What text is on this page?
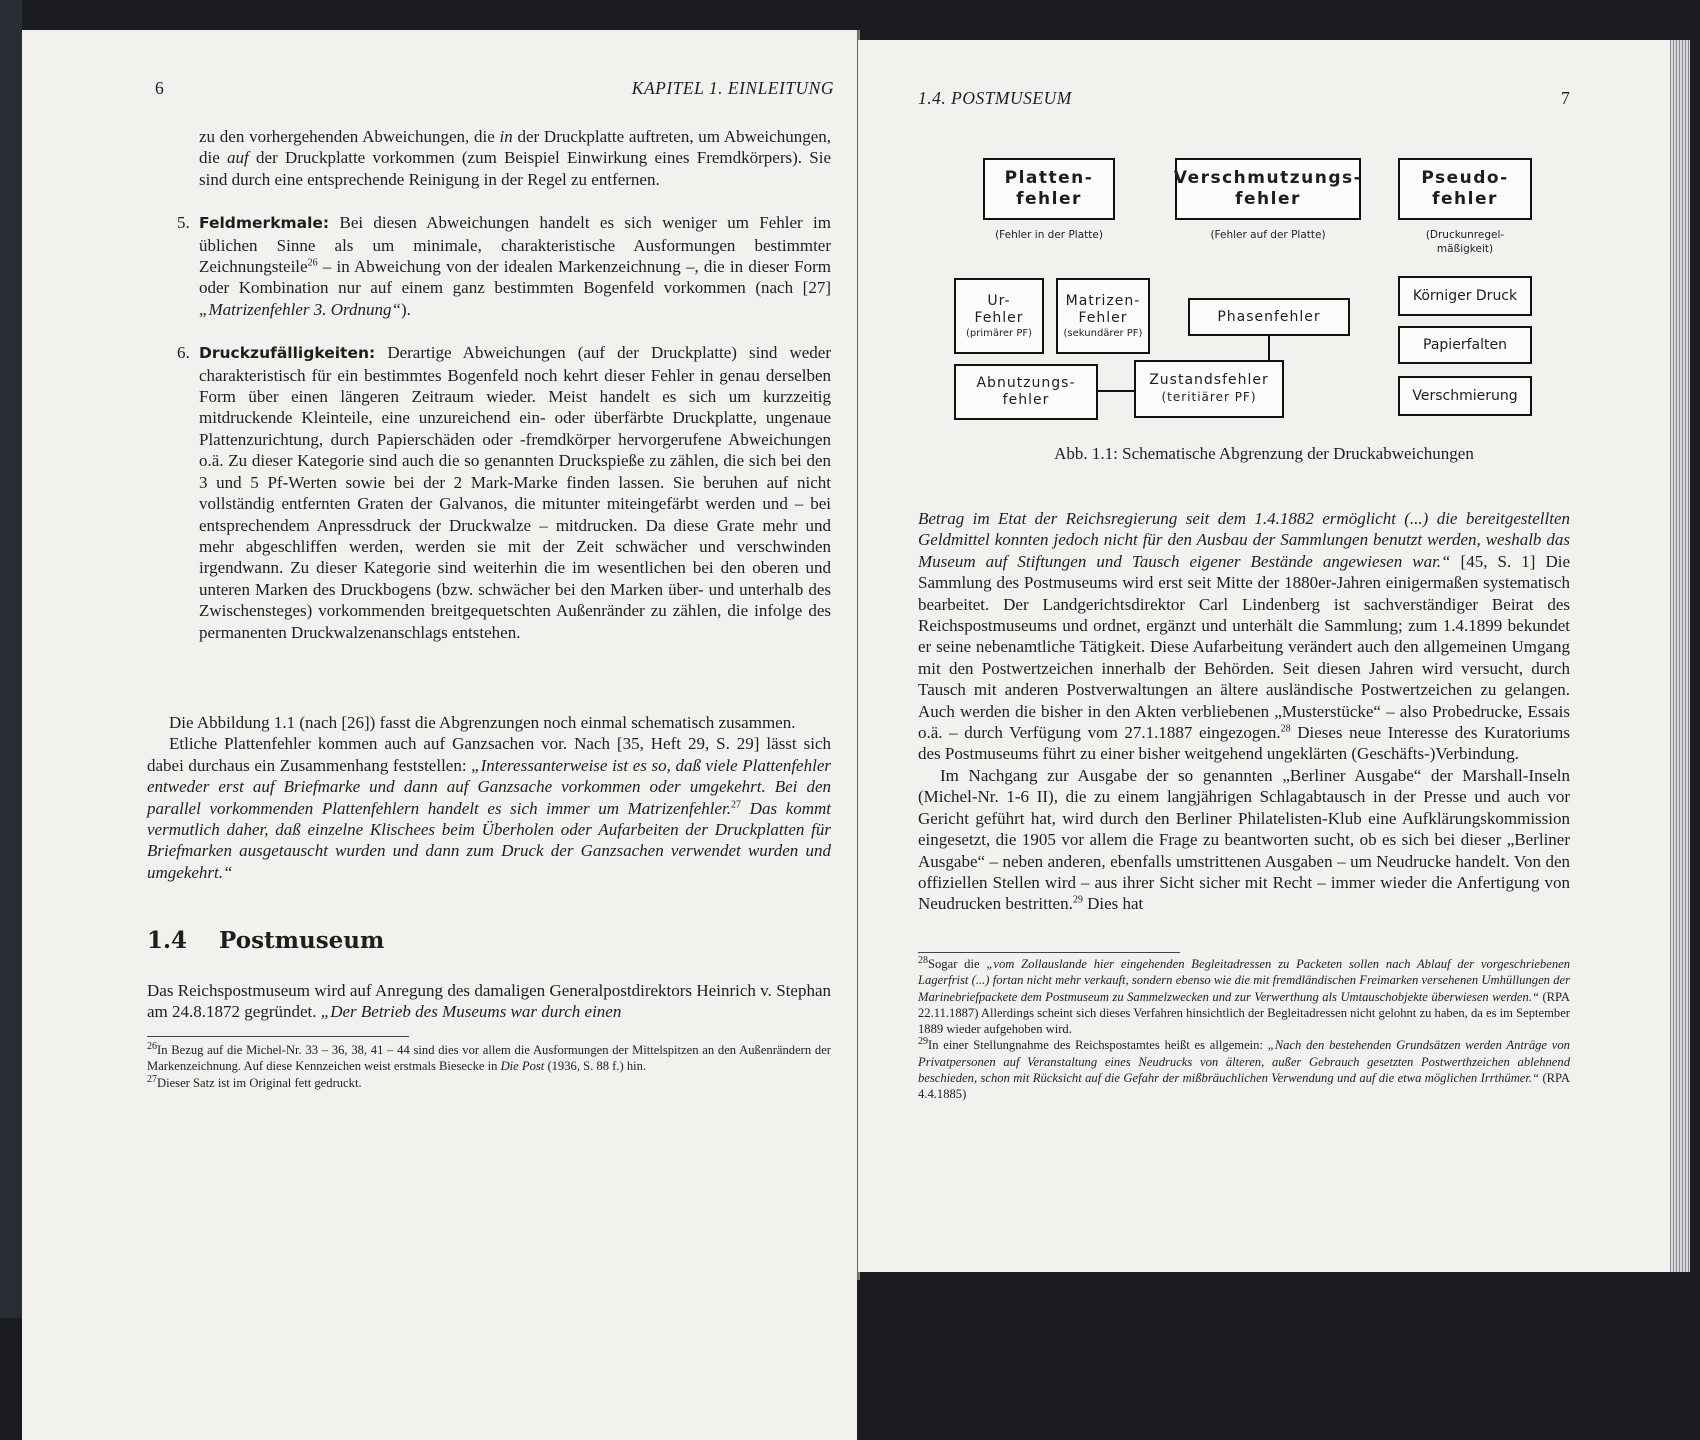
6	KAPITEL 1. EINLEITUNG

zu den vorhergehenden Abweichungen, die in der Druckplatte auftreten, um Abweichungen, die auf der Druckplatte vorkommen (zum Beispiel Einwirkung eines Fremdkörpers). Sie sind durch eine entsprechende Reinigung in der Regel zu entfernen.

5. Feldmerkmale: Bei diesen Abweichungen handelt es sich weniger um Fehler im üblichen Sinne als um minimale, charakteristische Ausformungen bestimmter Zeichnungsteile$^{26}$ – in Abweichung von der idealen Markenzeichnung –, die in dieser Form oder Kombination nur auf einem ganz bestimmten Bogenfeld vorkommen (nach [27] „Matrizenfehler 3. Ordnung“).

6. Druckzufälligkeiten: Derartige Abweichungen (auf der Druckplatte) sind weder charakteristisch für ein bestimmtes Bogenfeld noch kehrt dieser Fehler in genau derselben Form über einen längeren Zeitraum wieder. Meist handelt es sich um kurzzeitig mitdruckende Kleinteile, eine unzureichend ein- oder überfärbte Druckplatte, ungenaue Plattenzurichtung, durch Papierschäden oder -fremdkörper hervorgerufene Abweichungen o.ä. Zu dieser Kategorie sind auch die so genannten Druckspieße zu zählen, die sich bei den 3 und 5 Pf-Werten sowie bei der 2 Mark-Marke finden lassen. Sie beruhen auf nicht vollständig entfernten Graten der Galvanos, die mitunter miteingefärbt werden und – bei entsprechendem Anpressdruck der Druckwalze – mitdrucken. Da diese Grate mehr und mehr abgeschliffen werden, werden sie mit der Zeit schwächer und verschwinden irgendwann. Zu dieser Kategorie sind weiterhin die im wesentlichen bei den oberen und unteren Marken des Druckbogens (bzw. schwächer bei den Marken über- und unterhalb des Zwischensteges) vorkommenden breitgequetschten Außenränder zu zählen, die infolge des permanenten Druckwalzenanschlags entstehen.

Die Abbildung 1.1 (nach [26]) fasst die Abgrenzungen noch einmal schematisch zusammen.

Etliche Plattenfehler kommen auch auf Ganzsachen vor. Nach [35, Heft 29, S. 29] lässt sich dabei durchaus ein Zusammenhang feststellen: „Interessanterweise ist es so, daß viele Plattenfehler entweder erst auf Briefmarke und dann auf Ganzsache vorkommen oder umgekehrt. Bei den parallel vorkommenden Plattenfehlern handelt es sich immer um Matrizenfehler.$^{27}$ Das kommt vermutlich daher, daß einzelne Klischees beim Überholen oder Aufarbeiten der Druckplatten für Briefmarken ausgetauscht wurden und dann zum Druck der Ganzsachen verwendet wurden und umgekehrt.“

1.4 Postmuseum

Das Reichspostmuseum wird auf Anregung des damaligen Generalpostdirektors Heinrich v. Stephan am 24.8.1872 gegründet. „Der Betrieb des Museums war durch einen

$^{26}$In Bezug auf die Michel-Nr. 33 – 36, 38, 41 – 44 sind dies vor allem die Ausformungen der Mittelspitzen an den Außenrändern der Markenzeichnung. Auf diese Kennzeichen weist erstmals Biesecke in Die Post (1936, S. 88 f.) hin.
$^{27}$Dieser Satz ist im Original fett gedruckt.
1.4. POSTMUSEUM	7
Platten-
fehler
(Fehler in der Platte)
Verschmutzungs-
fehler
(Fehler auf der Platte)
Pseudo-
fehler
(Druckunregel-
mäßigkeit)
Ur-
Fehler
(primärer PF)
Matrizen-
Fehler
(sekundärer PF)
Phasenfehler
Abnutzungs-
fehler
Zustandsfehler
(teritiärer PF)
Körniger Druck
Papierfalten
Verschmierung
Abb. 1.1: Schematische Abgrenzung der Druckabweichungen

Betrag im Etat der Reichsregierung seit dem 1.4.1882 ermöglicht (...) die bereitgestellten Geldmittel konnten jedoch nicht für den Ausbau der Sammlungen benutzt werden, weshalb das Museum auf Stiftungen und Tausch eigener Bestände angewiesen war.“ [45, S. 1] Die Sammlung des Postmuseums wird erst seit Mitte der 1880er-Jahren einigermaßen systematisch bearbeitet. Der Landgerichtsdirektor Carl Lindenberg ist sachverständiger Beirat des Reichspostmuseums und ordnet, ergänzt und unterhält die Sammlung; zum 1.4.1899 bekundet er seine nebenamtliche Tätigkeit. Diese Aufarbeitung verändert auch den allgemeinen Umgang mit den Postwertzeichen innerhalb der Behörden. Seit diesen Jahren wird versucht, durch Tausch mit anderen Postverwaltungen an ältere ausländische Postwertzeichen zu gelangen. Auch werden die bisher in den Akten verbliebenen „Musterstücke“ – also Probedrucke, Essais o.ä. – durch Verfügung vom 27.1.1887 eingezogen.$^{28}$ Dieses neue Interesse des Kuratoriums des Postmuseums führt zu einer bisher weitgehend ungeklärten (Geschäfts-)Verbindung.

Im Nachgang zur Ausgabe der so genannten „Berliner Ausgabe“ der Marshall-Inseln (Michel-Nr. 1-6 II), die zu einem langjährigen Schlagabtausch in der Presse und auch vor Gericht geführt hat, wird durch den Berliner Philatelisten-Klub eine Aufklärungskommission eingesetzt, die 1905 vor allem die Frage zu beantworten sucht, ob es sich bei dieser „Berliner Ausgabe“ – neben anderen, ebenfalls umstrittenen Ausgaben – um Neudrucke handelt. Von den offiziellen Stellen wird – aus ihrer Sicht sicher mit Recht – immer wieder die Anfertigung von Neudrucken bestritten.$^{29}$ Dies hat

$^{28}$Sogar die „vom Zollauslande hier eingehenden Begleitadressen zu Packeten sollen nach Ablauf der vorgeschriebenen Lagerfrist (...) fortan nicht mehr verkauft, sondern ebenso wie die mit fremdländischen Freimarken versehenen Umhüllungen der Marinebriefpackete dem Postmuseum zu Sammelzwecken und zur Verwerthung als Umtauschobjekte überwiesen werden.“ (RPA 22.11.1887) Allerdings scheint sich dieses Verfahren hinsichtlich der Begleitadressen nicht gelohnt zu haben, da es im September 1889 wieder aufgehoben wird.
$^{29}$In einer Stellungnahme des Reichspostamtes heißt es allgemein: „Nach den bestehenden Grundsätzen werden Anträge von Privatpersonen auf Veranstaltung eines Neudrucks von älteren, außer Gebrauch gesetzten Postwerthzeichen ablehnend beschieden, schon mit Rücksicht auf die Gefahr der mißbräuchlichen Verwendung und auf die etwa möglichen Irrthümer.“ (RPA 4.4.1885)
